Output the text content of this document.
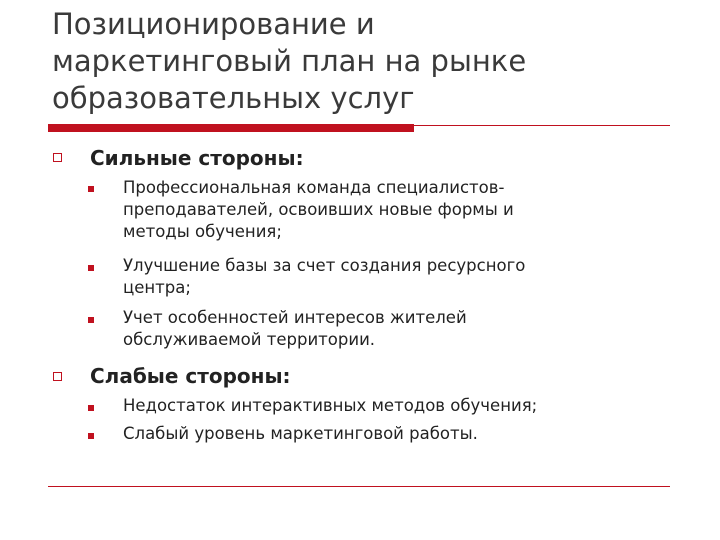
Позиционирование и
маркетинговый план на рынке
образовательных услуг
Сильные стороны:
Профессиональная команда специалистов-
преподавателей, освоивших новые формы и
методы обучения;
Улучшение базы за счет создания ресурсного
центра;
Учет особенностей интересов жителей
обслуживаемой территории.
Слабые стороны:
Недостаток интерактивных методов обучения;
Слабый уровень маркетинговой работы.
